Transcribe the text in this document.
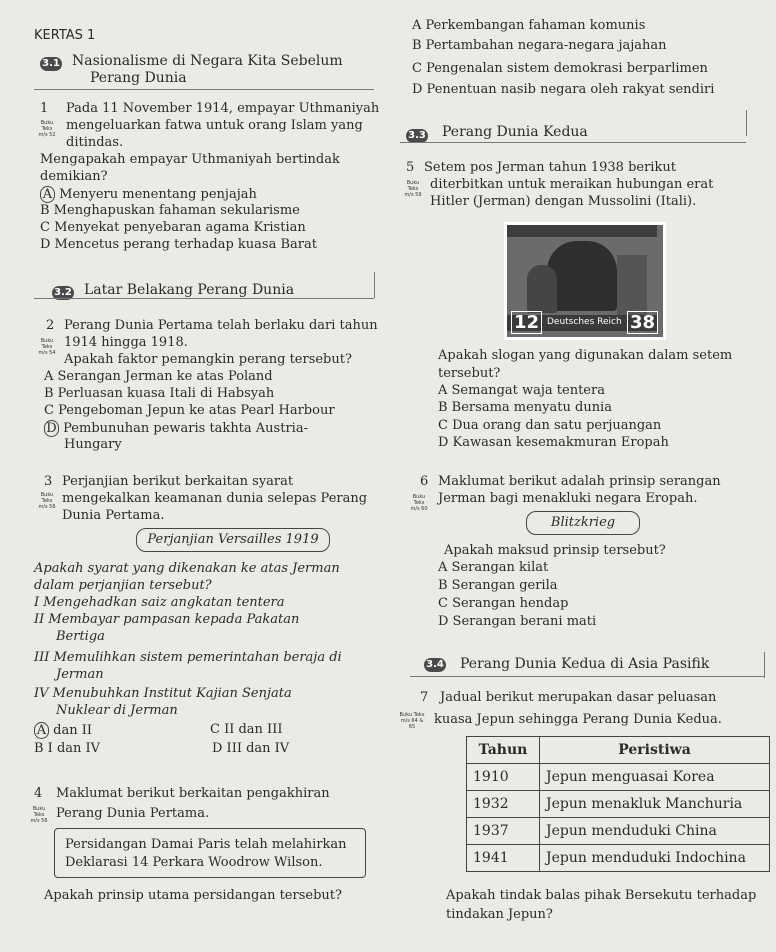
KERTAS 1
3.1 Nasionalisme di Negara Kita Sebelum
Perang Dunia
1 Pada 11 November 1914, empayar Uthmaniyah
Buku Teks
m/s 52
mengeluarkan fatwa untuk orang Islam yang
ditindas.
Mengapakah empayar Uthmaniyah bertindak
demikian?
A Menyeru menentang penjajah
B Menghapuskan fahaman sekularisme
C Menyekat penyebaran agama Kristian
D Mencetus perang terhadap kuasa Barat
3.2 Latar Belakang Perang Dunia
2 Perang Dunia Pertama telah berlaku dari tahun
Buku Teks
m/s 54
1914 hingga 1918.
Apakah faktor pemangkin perang tersebut?
A Serangan Jerman ke atas Poland
B Perluasan kuasa Itali di Habsyah
C Pengeboman Jepun ke atas Pearl Harbour
D Pembunuhan pewaris takhta Austria-
Hungary
3 Perjanjian berikut berkaitan syarat
Buku Teks
m/s 56
mengekalkan keamanan dunia selepas Perang
Dunia Pertama.
Perjanjian Versailles 1919
Apakah syarat yang dikenakan ke atas Jerman
dalam perjanjian tersebut?
I Mengehadkan saiz angkatan tentera
II Membayar pampasan kepada Pakatan
Bertiga
III Memulihkan sistem pemerintahan beraja di
Jerman
IV Menubuhkan Institut Kajian Senjata
Nuklear di Jerman
A dan II	C II dan III
B I dan IV	D III dan IV
4 Maklumat berikut berkaitan pengakhiran
Buku Teks
m/s 56 Perang Dunia Pertama.
Persidangan Damai Paris telah melahirkan
Deklarasi 14 Perkara Woodrow Wilson.
Apakah prinsip utama persidangan tersebut?
A Perkembangan fahaman komunis
B Pertambahan negara-negara jajahan
C Pengenalan sistem demokrasi berparlimen
D Penentuan nasib negara oleh rakyat sendiri
3.3 Perang Dunia Kedua
5 Setem pos Jerman tahun 1938 berikut
Buku Teks
m/s 59
diterbitkan untuk meraikan hubungan erat
Hitler (Jerman) dengan Mussolini (Itali).
12	38
Deutsches Reich
Apakah slogan yang digunakan dalam setem
tersebut?
A Semangat waja tentera
B Bersama menyatu dunia
C Dua orang dan satu perjuangan
D Kawasan kesemakmuran Eropah
6 Maklumat berikut adalah prinsip serangan
Buku Teks
m/s 60
Jerman bagi menakluki negara Eropah.
Blitzkrieg
Apakah maksud prinsip tersebut?
A Serangan kilat
B Serangan gerila
C Serangan hendap
D Serangan berani mati
3.4 Perang Dunia Kedua di Asia Pasifik
7 Jadual berikut merupakan dasar peluasan
Buku Teks
m/s 64 & 65	kuasa Jepun sehingga Perang Dunia Kedua.
Tahun	Peristiwa
1910	Jepun menguasai Korea
1932	Jepun menakluk Manchuria
1937	Jepun menduduki China
1941	Jepun menduduki Indochina
Apakah tindak balas pihak Bersekutu terhadap
tindakan Jepun?
